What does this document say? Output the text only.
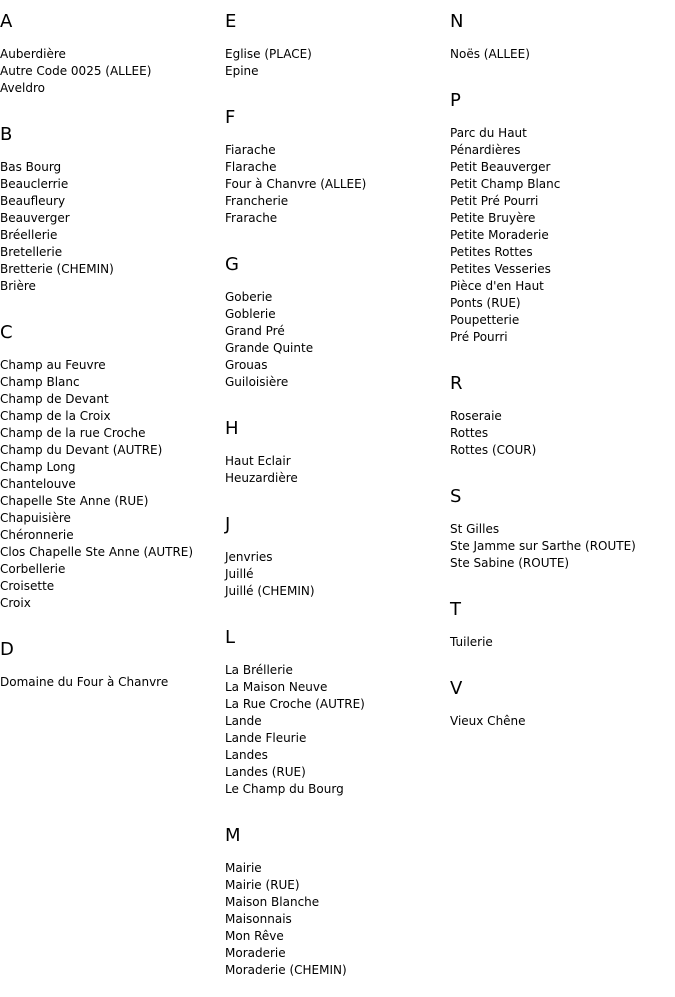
A
Auberdière
Autre Code 0025 (ALLEE)
Aveldro
B
Bas Bourg
Beauclerrie
Beaufleury
Beauverger
Bréellerie
Bretellerie
Bretterie (CHEMIN)
Brière
C
Champ au Feuvre
Champ Blanc
Champ de Devant
Champ de la Croix
Champ de la rue Croche
Champ du Devant (AUTRE)
Champ Long
Chantelouve
Chapelle Ste Anne (RUE)
Chapuisière
Chéronnerie
Clos Chapelle Ste Anne (AUTRE)
Corbellerie
Croisette
Croix
D
Domaine du Four à Chanvre
E
Eglise (PLACE)
Epine
F
Fiarache
Flarache
Four à Chanvre (ALLEE)
Francherie
Frarache
G
Goberie
Goblerie
Grand Pré
Grande Quinte
Grouas
Guiloisière
H
Haut Eclair
Heuzardière
J
Jenvries
Juillé
Juillé (CHEMIN)
L
La Bréllerie
La Maison Neuve
La Rue Croche (AUTRE)
Lande
Lande Fleurie
Landes
Landes (RUE)
Le Champ du Bourg
M
Mairie
Mairie (RUE)
Maison Blanche
Maisonnais
Mon Rêve
Moraderie
Moraderie (CHEMIN)
N
Noës (ALLEE)
P
Parc du Haut
Pénardières
Petit Beauverger
Petit Champ Blanc
Petit Pré Pourri
Petite Bruyère
Petite Moraderie
Petites Rottes
Petites Vesseries
Pièce d'en Haut
Ponts (RUE)
Poupetterie
Pré Pourri
R
Roseraie
Rottes
Rottes (COUR)
S
St Gilles
Ste Jamme sur Sarthe (ROUTE)
Ste Sabine (ROUTE)
T
Tuilerie
V
Vieux Chêne
